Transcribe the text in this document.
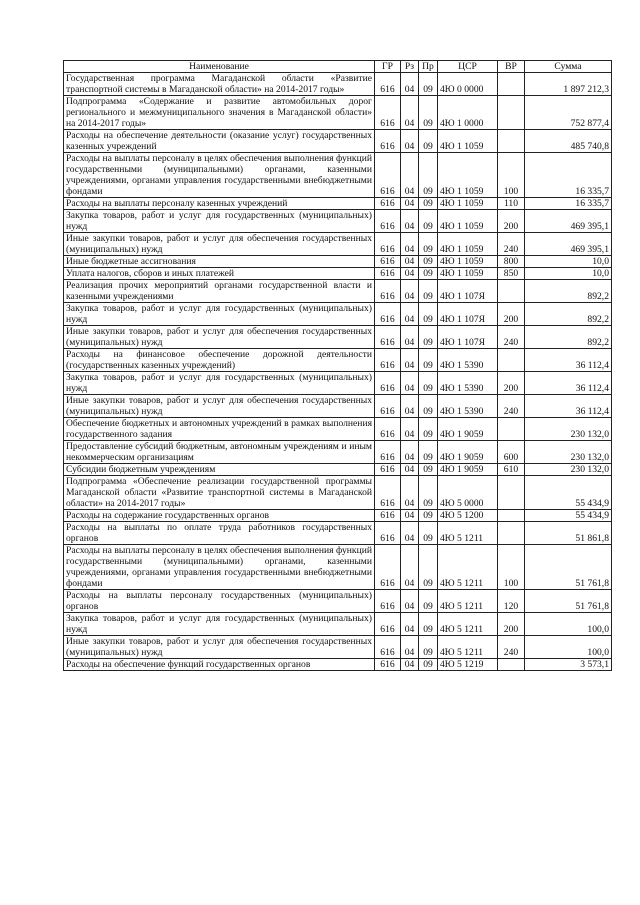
Наименование	ГР	Рз	Пр	ЦСР	ВР	Сумма
Государственная программа Магаданской области «Развитие транспортной системы в Магаданской области» на 2014-2017 годы»	616	04	09	4Ю 0 0000		1 897 212,3
Подпрограмма «Содержание и развитие автомобильных дорог регионального и межмуниципального значения в Магаданской области» на 2014-2017 годы»	616	04	09	4Ю 1 0000		752 877,4
Расходы на обеспечение деятельности (оказание услуг) государственных казенных учреждений	616	04	09	4Ю 1 1059		485 740,8
Расходы на выплаты персоналу в целях обеспечения выполнения функций государственными (муниципальными) органами, казенными учреждениями, органами управления государственными внебюджетными фондами	616	04	09	4Ю 1 1059	100	16 335,7
Расходы на выплаты персоналу казенных учреждений	616	04	09	4Ю 1 1059	110	16 335,7
Закупка товаров, работ и услуг для государственных (муниципальных) нужд	616	04	09	4Ю 1 1059	200	469 395,1
Иные закупки товаров, работ и услуг для обеспечения государственных (муниципальных) нужд	616	04	09	4Ю 1 1059	240	469 395,1
Иные бюджетные ассигнования	616	04	09	4Ю 1 1059	800	10,0
Уплата налогов, сборов и иных платежей	616	04	09	4Ю 1 1059	850	10,0
Реализация прочих мероприятий органами государственной власти и казенными учреждениями	616	04	09	4Ю 1 107Я		892,2
Закупка товаров, работ и услуг для государственных (муниципальных) нужд	616	04	09	4Ю 1 107Я	200	892,2
Иные закупки товаров, работ и услуг для обеспечения государственных (муниципальных) нужд	616	04	09	4Ю 1 107Я	240	892,2
Расходы на финансовое обеспечение дорожной деятельности (государственных казенных учреждений)	616	04	09	4Ю 1 5390		36 112,4
Закупка товаров, работ и услуг для государственных (муниципальных) нужд	616	04	09	4Ю 1 5390	200	36 112,4
Иные закупки товаров, работ и услуг для обеспечения государственных (муниципальных) нужд	616	04	09	4Ю 1 5390	240	36 112,4
Обеспечение бюджетных и автономных учреждений в рамках выполнения государственного задания	616	04	09	4Ю 1 9059		230 132,0
Предоставление субсидий бюджетным, автономным учреждениям и иным некоммерческим организациям	616	04	09	4Ю 1 9059	600	230 132,0
Субсидии бюджетным учреждениям	616	04	09	4Ю 1 9059	610	230 132,0
Подпрограмма «Обеспечение реализации государственной программы Магаданской области «Развитие транспортной системы в Магаданской области» на 2014-2017 годы»	616	04	09	4Ю 5 0000		55 434,9
Расходы на содержание государственных органов	616	04	09	4Ю 5 1200		55 434,9
Расходы на выплаты по оплате труда работников государственных органов	616	04	09	4Ю 5 1211		51 861,8
Расходы на выплаты персоналу в целях обеспечения выполнения функций государственными (муниципальными) органами, казенными учреждениями, органами управления государственными внебюджетными фондами	616	04	09	4Ю 5 1211	100	51 761,8
Расходы на выплаты персоналу государственных (муниципальных) органов	616	04	09	4Ю 5 1211	120	51 761,8
Закупка товаров, работ и услуг для государственных (муниципальных) нужд	616	04	09	4Ю 5 1211	200	100,0
Иные закупки товаров, работ и услуг для обеспечения государственных (муниципальных) нужд	616	04	09	4Ю 5 1211	240	100,0
Расходы на обеспечение функций государственных органов	616	04	09	4Ю 5 1219		3 573,1
